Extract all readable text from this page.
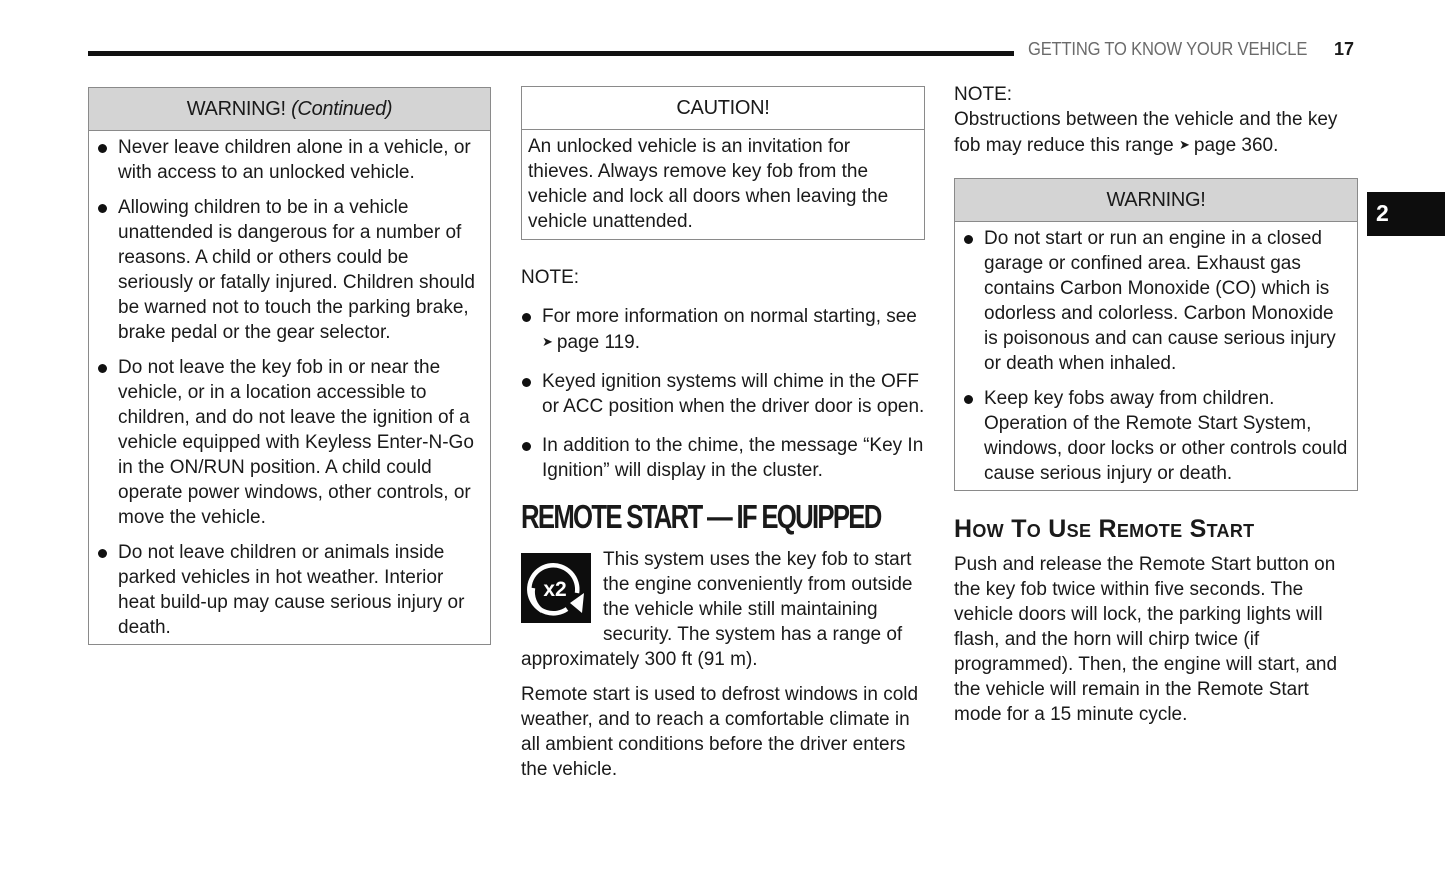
GETTING TO KNOW YOUR VEHICLE 17
2
WARNING! (Continued)
Never leave children alone in a vehicle, or with access to an unlocked vehicle.
Allowing children to be in a vehicle unattended is dangerous for a number of reasons. A child or others could be seriously or fatally injured. Children should be warned not to touch the parking brake, brake pedal or the gear selector.
Do not leave the key fob in or near the vehicle, or in a location accessible to children, and do not leave the ignition of a vehicle equipped with Keyless Enter-N-Go in the ON/RUN position. A child could operate power windows, other controls, or move the vehicle.
Do not leave children or animals inside parked vehicles in hot weather. Interior heat build-up may cause serious injury or death.
CAUTION!
An unlocked vehicle is an invitation for thieves. Always remove key fob from the vehicle and lock all doors when leaving the vehicle unattended.
NOTE:
For more information on normal starting, see
➤ page 119.
Keyed ignition systems will chime in the OFF or ACC position when the driver door is open.
In addition to the chime, the message “Key In Ignition” will display in the cluster.
REMOTE START — IF EQUIPPED
x2
This system uses the key fob to start the engine conveniently from outside the vehicle while still maintaining security. The system has a range of approximately 300 ft (91 m).
Remote start is used to defrost windows in cold weather, and to reach a comfortable climate in all ambient conditions before the driver enters the vehicle.
NOTE:
Obstructions between the vehicle and the key fob may reduce this range ➤ page 360.
WARNING!
Do not start or run an engine in a closed garage or confined area. Exhaust gas contains Carbon Monoxide (CO) which is odorless and colorless. Carbon Monoxide is poisonous and can cause serious injury or death when inhaled.
Keep key fobs away from children. Operation of the Remote Start System, windows, door locks or other controls could cause serious injury or death.
How To Use Remote Start
Push and release the Remote Start button on the key fob twice within five seconds. The vehicle doors will lock, the parking lights will flash, and the horn will chirp twice (if programmed). Then, the engine will start, and the vehicle will remain in the Remote Start mode for a 15 minute cycle.
